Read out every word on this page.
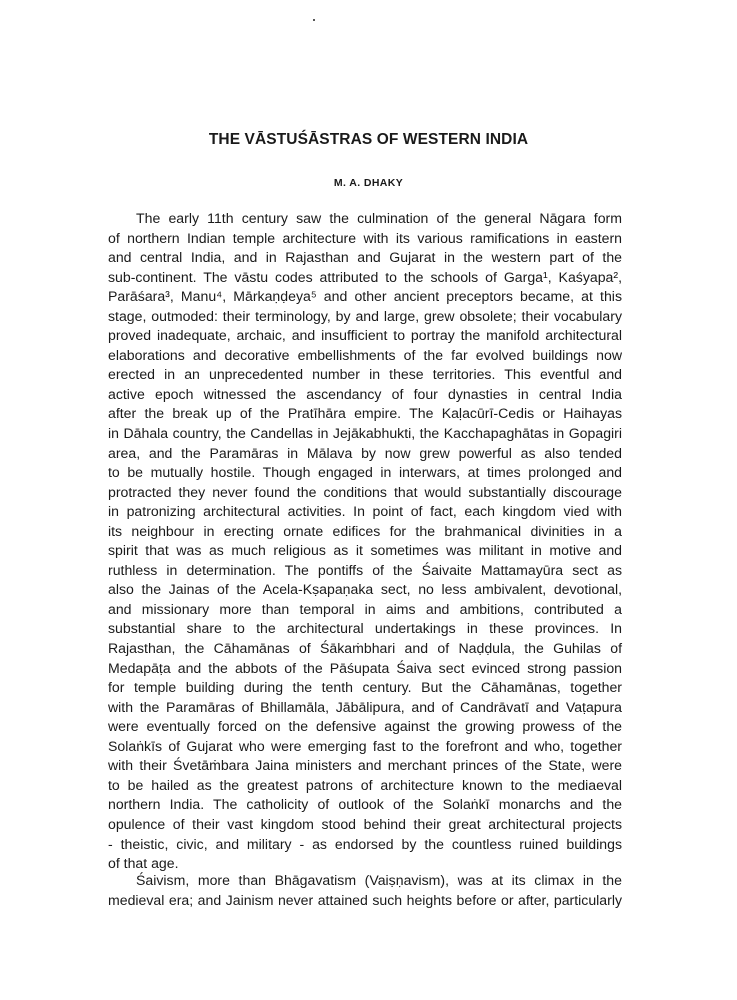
THE VĀSTUŚĀSTRAS OF WESTERN INDIA
M. A. DHAKY
The early 11th century saw the culmination of the general Nāgara form
of northern Indian temple architecture with its various ramifications in eastern
and central India, and in Rajasthan and Gujarat in the western part of the
sub-continent. The vāstu codes attributed to the schools of Garga¹, Kaśyapa²,
Parāśara³, Manu⁴, Mārkaṇḍeya⁵ and other ancient preceptors became, at this
stage, outmoded: their terminology, by and large, grew obsolete; their vocabulary
proved inadequate, archaic, and insufficient to portray the manifold architectural
elaborations and decorative embellishments of the far evolved buildings now
erected in an unprecedented number in these territories. This eventful and
active epoch witnessed the ascendancy of four dynasties in central India
after the break up of the Pratīhāra empire. The Kaḷacūrī-Cedis or Haihayas
in Dāhala country, the Candellas in Jejākabhukti, the Kacchapaghātas in Gopagiri
area, and the Paramāras in Mālava by now grew powerful as also tended
to be mutually hostile. Though engaged in interwars, at times prolonged and
protracted they never found the conditions that would substantially discourage
in patronizing architectural activities. In point of fact, each kingdom vied with
its neighbour in erecting ornate edifices for the brahmanical divinities in a
spirit that was as much religious as it sometimes was militant in motive and
ruthless in determination. The pontiffs of the Śaivaite Mattamayūra sect as
also the Jainas of the Acela-Kṣapaṇaka sect, no less ambivalent, devotional,
and missionary more than temporal in aims and ambitions, contributed a
substantial share to the architectural undertakings in these provinces. In
Rajasthan, the Cāhamānas of Śākaṁbhari and of Naḍḍula, the Guhilas of
Medapāṭa and the abbots of the Pāśupata Śaiva sect evinced strong passion
for temple building during the tenth century. But the Cāhamānas, together
with the Paramāras of Bhillamāla, Jābālipura, and of Candrāvatī and Vaṭapura
were eventually forced on the defensive against the growing prowess of the
Solaṅkīs of Gujarat who were emerging fast to the forefront and who, together
with their Śvetāṁbara Jaina ministers and merchant princes of the State, were
to be hailed as the greatest patrons of architecture known to the mediaeval
northern India. The catholicity of outlook of the Solaṅkī monarchs and the
opulence of their vast kingdom stood behind their great architectural projects
- theistic, civic, and military - as endorsed by the countless ruined buildings
of that age.
Śaivism, more than Bhāgavatism (Vaiṣṇavism), was at its climax in the
medieval era; and Jainism never attained such heights before or after, particularly
